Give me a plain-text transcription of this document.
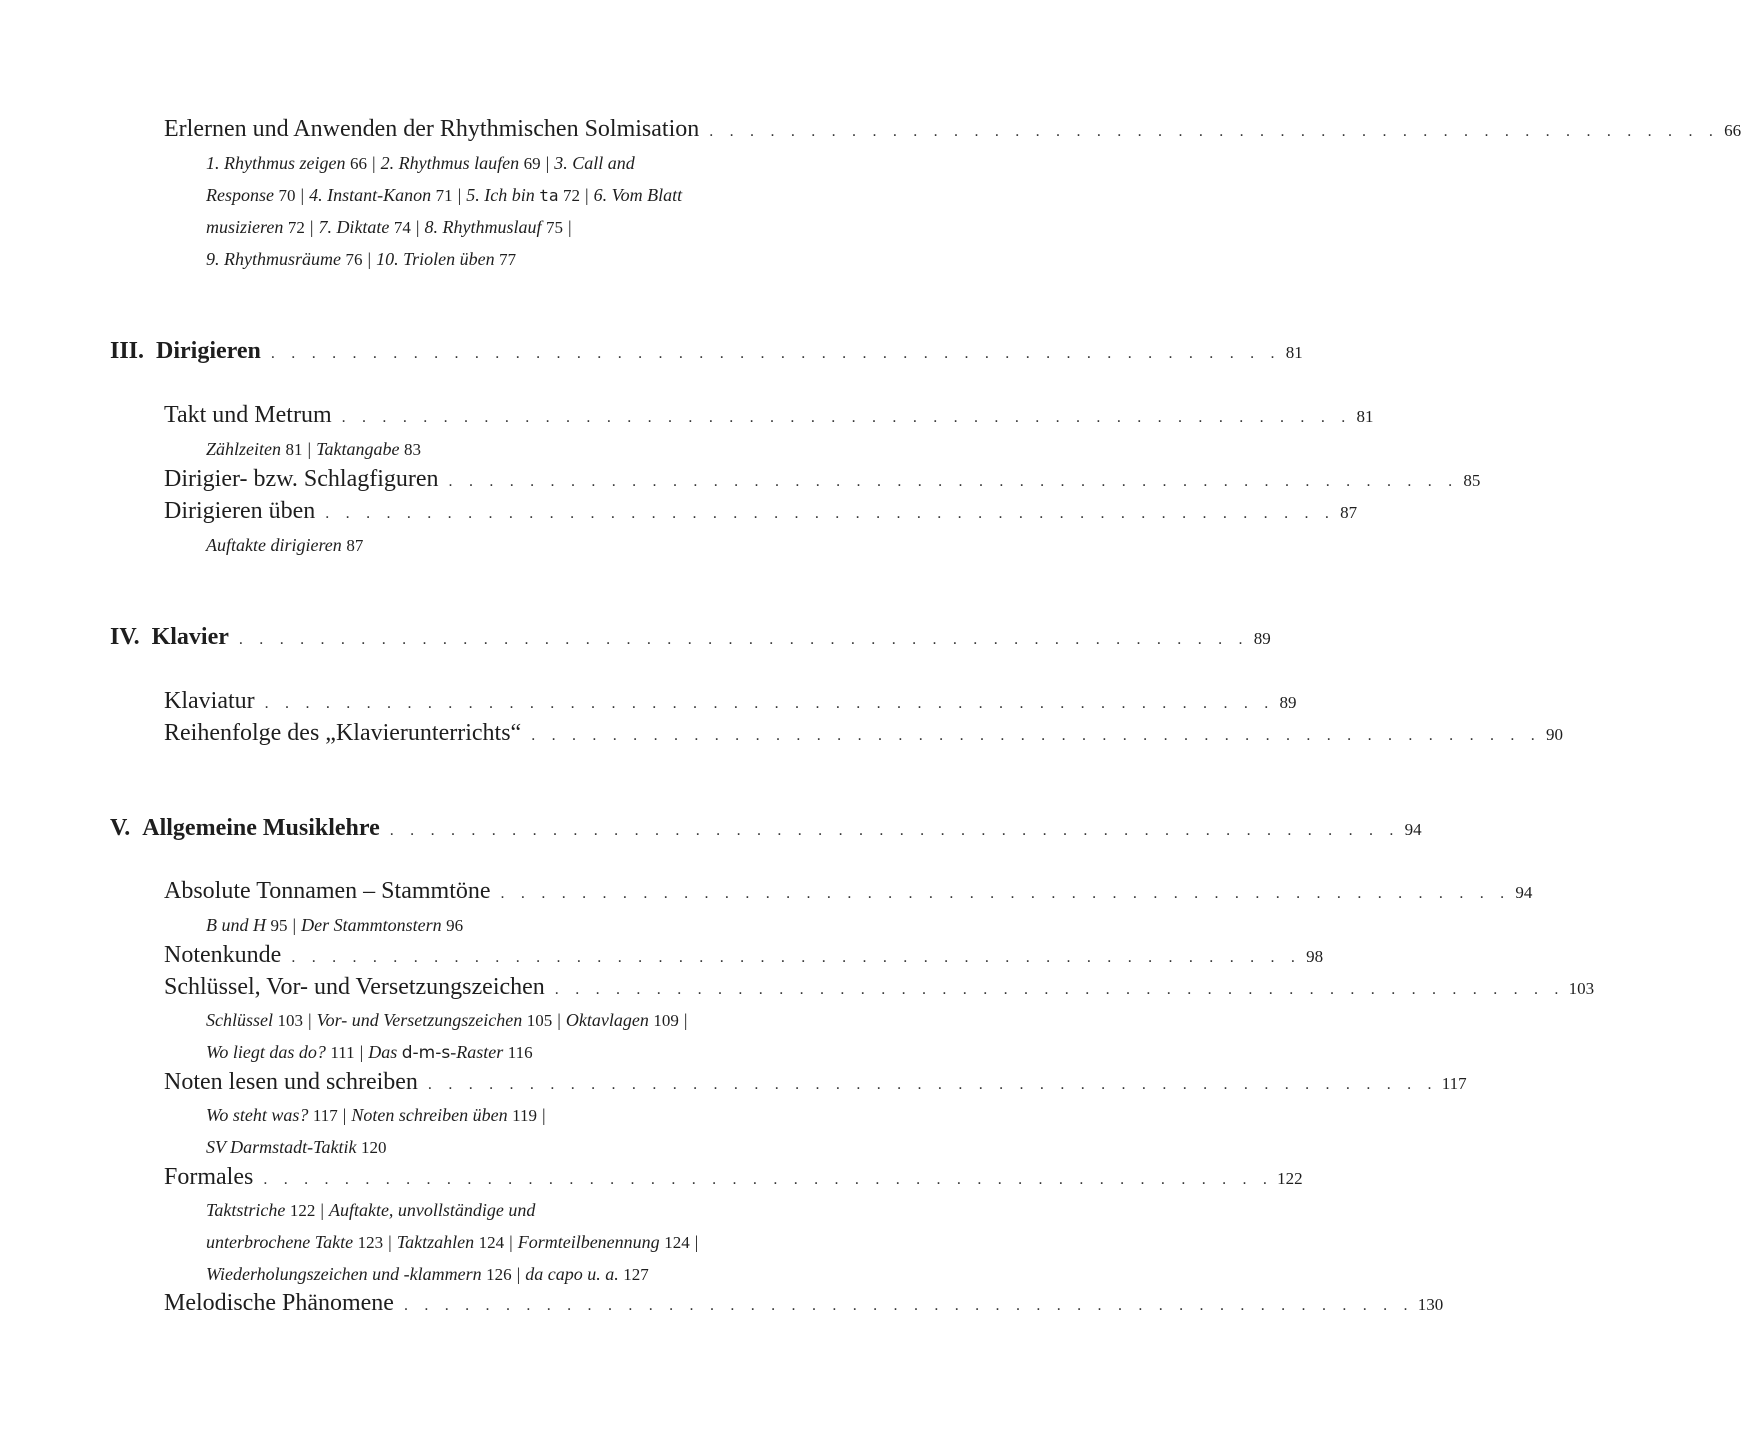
Erlernen und Anwenden der Rhythmischen Solmisation . . . . . . . . . . . . . . . . . . . . . . . . . . . . . . . . . . . . . . . . . . . . . . . . . . 66
1. Rhythmus zeigen 66 | 2. Rhythmus laufen 69 | 3. Call and
Response 70 | 4. Instant-Kanon 71 | 5. Ich bin ta 72 | 6. Vom Blatt
musizieren 72 | 7. Diktate 74 | 8. Rhythmuslauf 75 |
9. Rhythmusräume 76 | 10. Triolen üben 77
III. Dirigieren . . . . . . . . . . . . . . . . . . . . . . . . . . . . . . . . . . . . . . . . . . . . . . . . . . 81
Takt und Metrum . . . . . . . . . . . . . . . . . . . . . . . . . . . . . . . . . . . . . . . . . . . . . . . . . . 81
Zählzeiten 81 | Taktangabe 83
Dirigier- bzw. Schlagfiguren . . . . . . . . . . . . . . . . . . . . . . . . . . . . . . . . . . . . . . . . . . . . . . . . . . 85
Dirigieren üben . . . . . . . . . . . . . . . . . . . . . . . . . . . . . . . . . . . . . . . . . . . . . . . . . . 87
Auftakte dirigieren 87
IV. Klavier . . . . . . . . . . . . . . . . . . . . . . . . . . . . . . . . . . . . . . . . . . . . . . . . . . 89
Klaviatur . . . . . . . . . . . . . . . . . . . . . . . . . . . . . . . . . . . . . . . . . . . . . . . . . . 89
Reihenfolge des „Klavierunterrichts“ . . . . . . . . . . . . . . . . . . . . . . . . . . . . . . . . . . . . . . . . . . . . . . . . . . 90
V. Allgemeine Musiklehre . . . . . . . . . . . . . . . . . . . . . . . . . . . . . . . . . . . . . . . . . . . . . . . . . . 94
Absolute Tonnamen – Stammtöne . . . . . . . . . . . . . . . . . . . . . . . . . . . . . . . . . . . . . . . . . . . . . . . . . . 94
B und H 95 | Der Stammtonstern 96
Notenkunde . . . . . . . . . . . . . . . . . . . . . . . . . . . . . . . . . . . . . . . . . . . . . . . . . . 98
Schlüssel, Vor- und Versetzungszeichen . . . . . . . . . . . . . . . . . . . . . . . . . . . . . . . . . . . . . . . . . . . . . . . . . . 103
Schlüssel 103 | Vor- und Versetzungszeichen 105 | Oktavlagen 109 |
Wo liegt das do? 111 | Das d-m-s-Raster 116
Noten lesen und schreiben . . . . . . . . . . . . . . . . . . . . . . . . . . . . . . . . . . . . . . . . . . . . . . . . . . 117
Wo steht was? 117 | Noten schreiben üben 119 |
SV Darmstadt-Taktik 120
Formales . . . . . . . . . . . . . . . . . . . . . . . . . . . . . . . . . . . . . . . . . . . . . . . . . . 122
Taktstriche 122 | Auftakte, unvollständige und
unterbrochene Takte 123 | Taktzahlen 124 | Formteilbenennung 124 |
Wiederholungszeichen und -klammern 126 | da capo u. a. 127
Melodische Phänomene . . . . . . . . . . . . . . . . . . . . . . . . . . . . . . . . . . . . . . . . . . . . . . . . . . 130
